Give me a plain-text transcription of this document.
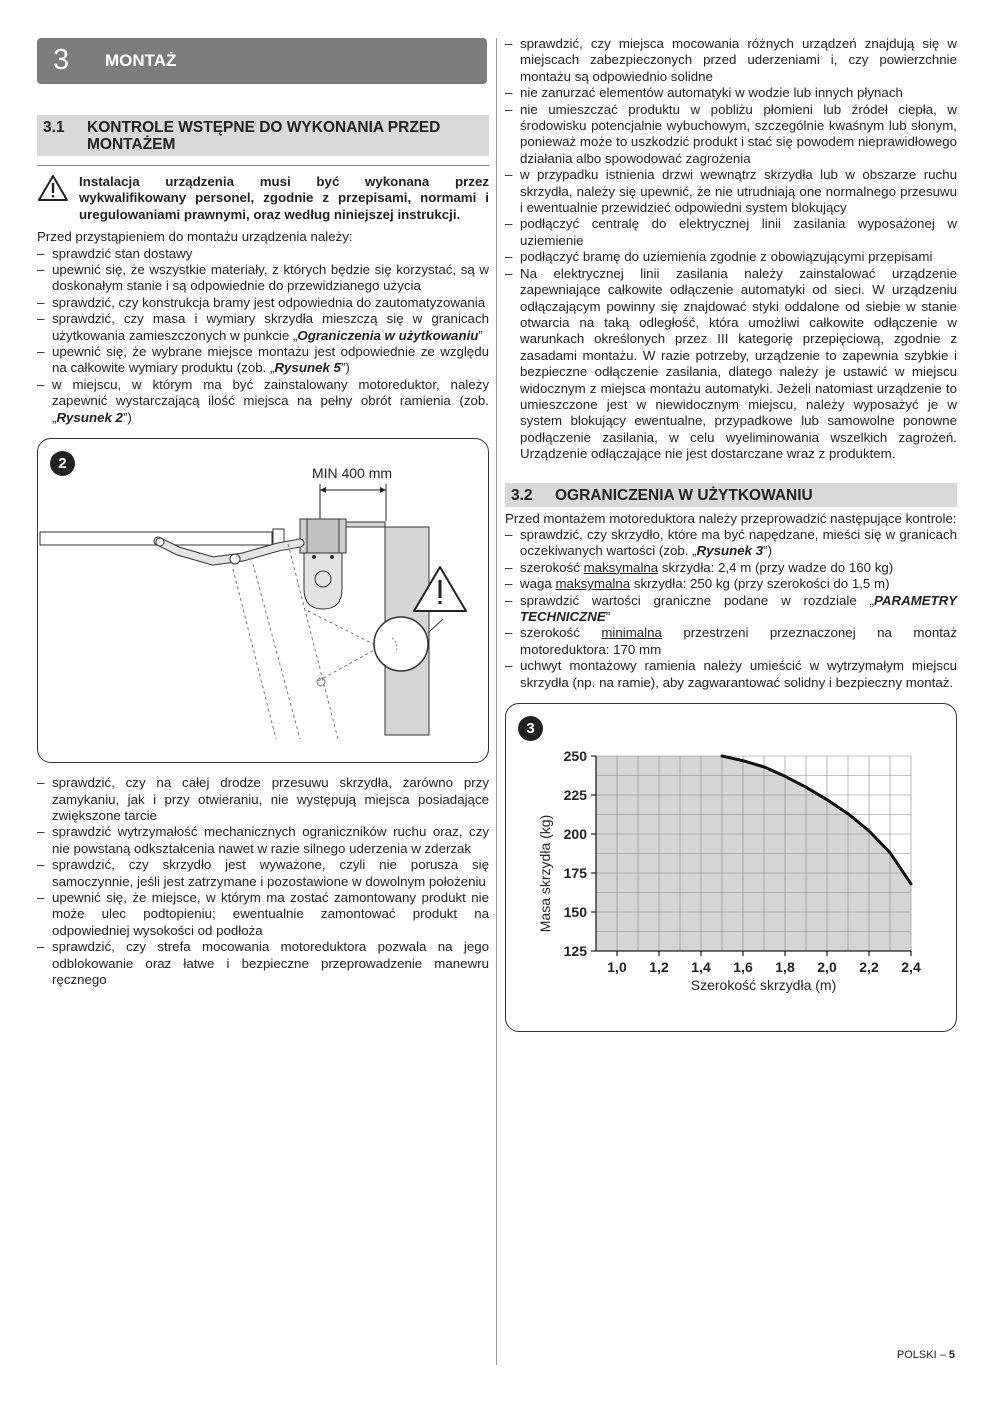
3 MONTAŻ
3.1	KONTROLE WSTĘPNE DO WYKONANIA PRZED MONTAŻEM

Instalacja urządzenia musi być wykonana przez wykwalifikowany personel, zgodnie z przepisami, normami i uregulowaniami prawnymi, oraz według niniejszej instrukcji.

Przed przystąpieniem do montażu urządzenia należy:

– sprawdzić stan dostawy
– upewnić się, że wszystkie materiały, z których będzie się korzystać, są w doskonałym stanie i są odpowiednie do przewidzianego użycia
– sprawdzić, czy konstrukcja bramy jest odpowiednia do zautomatyzowania
– sprawdzić, czy masa i wymiary skrzydła mieszczą się w granicach użytkowania zamieszczonych w punkcie „Ograniczenia w użytkowaniu”
– upewnić się, że wybrane miejsce montażu jest odpowiednie ze względu na całkowite wymiary produktu (zob. „Rysunek 5”)
– w miejscu, w którym ma być zainstalowany motoreduktor, należy zapewnić wystarczającą ilość miejsca na pełny obrót ramienia (zob. „Rysunek 2”)
2
MIN 400 mm
– sprawdzić, czy na całej drodze przesuwu skrzydła, zarówno przy zamykaniu, jak i przy otwieraniu, nie występują miejsca posiadające zwiększone tarcie
– sprawdzić wytrzymałość mechanicznych ograniczników ruchu oraz, czy nie powstaną odkształcenia nawet w razie silnego uderzenia w zderzak
– sprawdzić, czy skrzydło jest wyważone, czyli nie porusza się samoczynnie, jeśli jest zatrzymane i pozostawione w dowolnym położeniu
– upewnić się, że miejsce, w którym ma zostać zamontowany produkt nie może ulec podtopieniu; ewentualnie zamontować produkt na odpowiedniej wysokości od podłoża
– sprawdzić, czy strefa mocowania motoreduktora pozwala na jego odblokowanie oraz łatwe i bezpieczne przeprowadzenie manewru ręcznego
– sprawdzić, czy miejsca mocowania różnych urządzeń znajdują się w miejscach zabezpieczonych przed uderzeniami i, czy powierzchnie montażu są odpowiednio solidne
– nie zanurzać elementów automatyki w wodzie lub innych płynach
– nie umieszczać produktu w pobliżu płomieni lub źródeł ciepła, w środowisku potencjalnie wybuchowym, szczególnie kwaśnym lub słonym, ponieważ może to uszkodzić produkt i stać się powodem nieprawidłowego działania albo spowodować zagrożenia
– w przypadku istnienia drzwi wewnątrz skrzydła lub w obszarze ruchu skrzydła, należy się upewnić, że nie utrudniają one normalnego przesuwu i ewentualnie przewidzieć odpowiedni system blokujący
– podłączyć centralę do elektrycznej linii zasilania wyposażonej w uziemienie
– podłączyć bramę do uziemienia zgodnie z obowiązującymi przepisami
– Na elektrycznej linii zasilania należy zainstalować urządzenie zapewniające całkowite odłączenie automatyki od sieci. W urządzeniu odłączającym powinny się znajdować styki oddalone od siebie w stanie otwarcia na taką odległość, która umożliwi całkowite odłączenie w warunkach określonych przez III kategorię przepięciową, zgodnie z zasadami montażu. W razie potrzeby, urządzenie to zapewnia szybkie i bezpieczne odłączenie zasilania, dlatego należy je ustawić w miejscu widocznym z miejsca montażu automatyki. Jeżeli natomiast urządzenie to umieszczone jest w niewidocznym miejscu, należy wyposażyć je w system blokujący ewentualne, przypadkowe lub samowolne ponowne podłączenie zasilania, w celu wyeliminowania wszelkich zagrożeń. Urządzenie odłączające nie jest dostarczane wraz z produktem.
3.2	OGRANICZENIA W UŻYTKOWANIU

Przed montażem motoreduktora należy przeprowadzić następujące kontrole:

– sprawdzić, czy skrzydło, które ma być napędzane, mieści się w granicach oczekiwanych wartości (zob. „Rysunek 3”)
– szerokość maksymalna skrzydła: 2,4 m (przy wadze do 160 kg)
– waga maksymalna skrzydła: 250 kg (przy szerokości do 1,5 m)
– sprawdzić wartości graniczne podane w rozdziale „PARAMETRY TECHNICZNE”
– szerokość minimalna przestrzeni przeznaczonej na montaż motoreduktora: 170 mm
– uchwyt montażowy ramienia należy umieścić w wytrzymałym miejscu skrzydła (np. na ramie), aby zagwarantować solidny i bezpieczny montaż.
3
1,0 1,2 1,4 1,6 1,8 2,0 2,2 2,4
250
225
200
175
150
125
Szerokość skrzydła (m)
Masa skrzydła (kg)
POLSKI – 5
